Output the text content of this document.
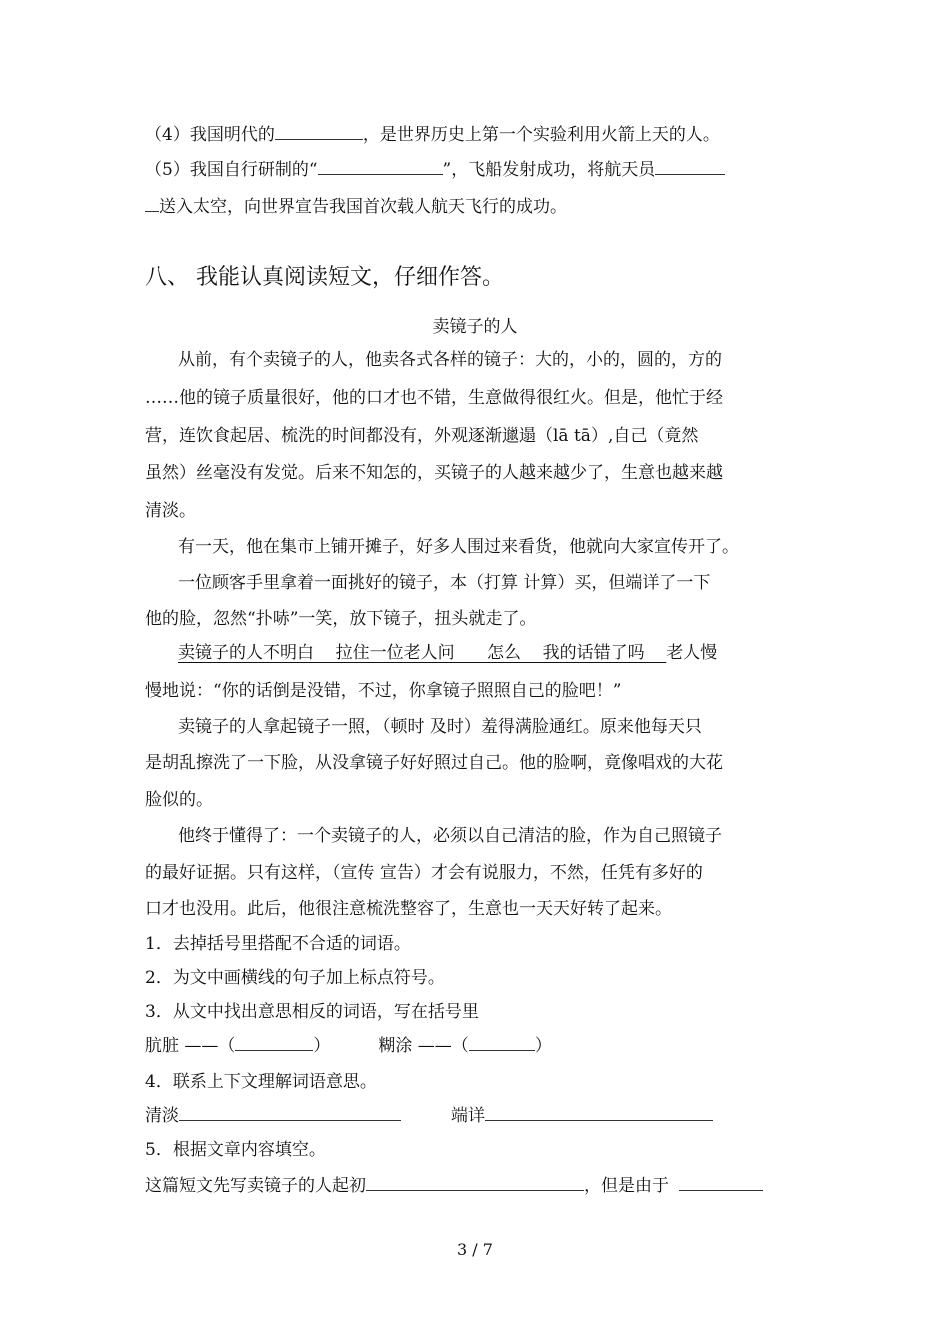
（4）我国明代的	，是世界历史上第一个实验利用火箭上天的人。
（5）我国自行研制的“	”，飞船发射成功，将航天员
送入太空，向世界宣告我国首次载人航天飞行的成功。
八、 我能认真阅读短文，仔细作答。
卖镜子的人
从前，有个卖镜子的人，他卖各式各样的镜子：大的，小的，圆的，方的
……他的镜子质量很好，他的口才也不错，生意做得很红火。但是，他忙于经
营，连饮食起居、梳洗的时间都没有，外观逐渐邋遢（lā tā）,自己（竟然
虽然）丝毫没有发觉。后来不知怎的，买镜子的人越来越少了，生意也越来越
清淡。
有一天，他在集市上铺开摊子，好多人围过来看货，他就向大家宣传开了。
一位顾客手里拿着一面挑好的镜子，本（打算 计算）买，但端详了一下
他的脸，忽然“扑哧”一笑，放下镜子，扭头就走了。
卖镜子的人不明白    拉住一位老人问      怎么    我的话错了吗    老人慢
慢地说：“你的话倒是没错，不过，你拿镜子照照自己的脸吧！”
卖镜子的人拿起镜子一照，（顿时 及时）羞得满脸通红。原来他每天只
是胡乱擦洗了一下脸，从没拿镜子好好照过自己。他的脸啊，竟像唱戏的大花
脸似的。
他终于懂得了：一个卖镜子的人，必须以自己清洁的脸，作为自己照镜子
的最好证据。只有这样，（宣传 宣告）才会有说服力，不然，任凭有多好的
口才也没用。此后，他很注意梳洗整容了，生意也一天天好转了起来。
1．去掉括号里搭配不合适的词语。
2．为文中画横线的句子加上标点符号。
3．从文中找出意思相反的词语，写在括号里
肮脏 ——（	）	糊涂 ——（	）
4．联系上下文理解词语意思。
清淡	端详
5．根据文章内容填空。
这篇短文先写卖镜子的人起初	，但是由于
3 / 7
